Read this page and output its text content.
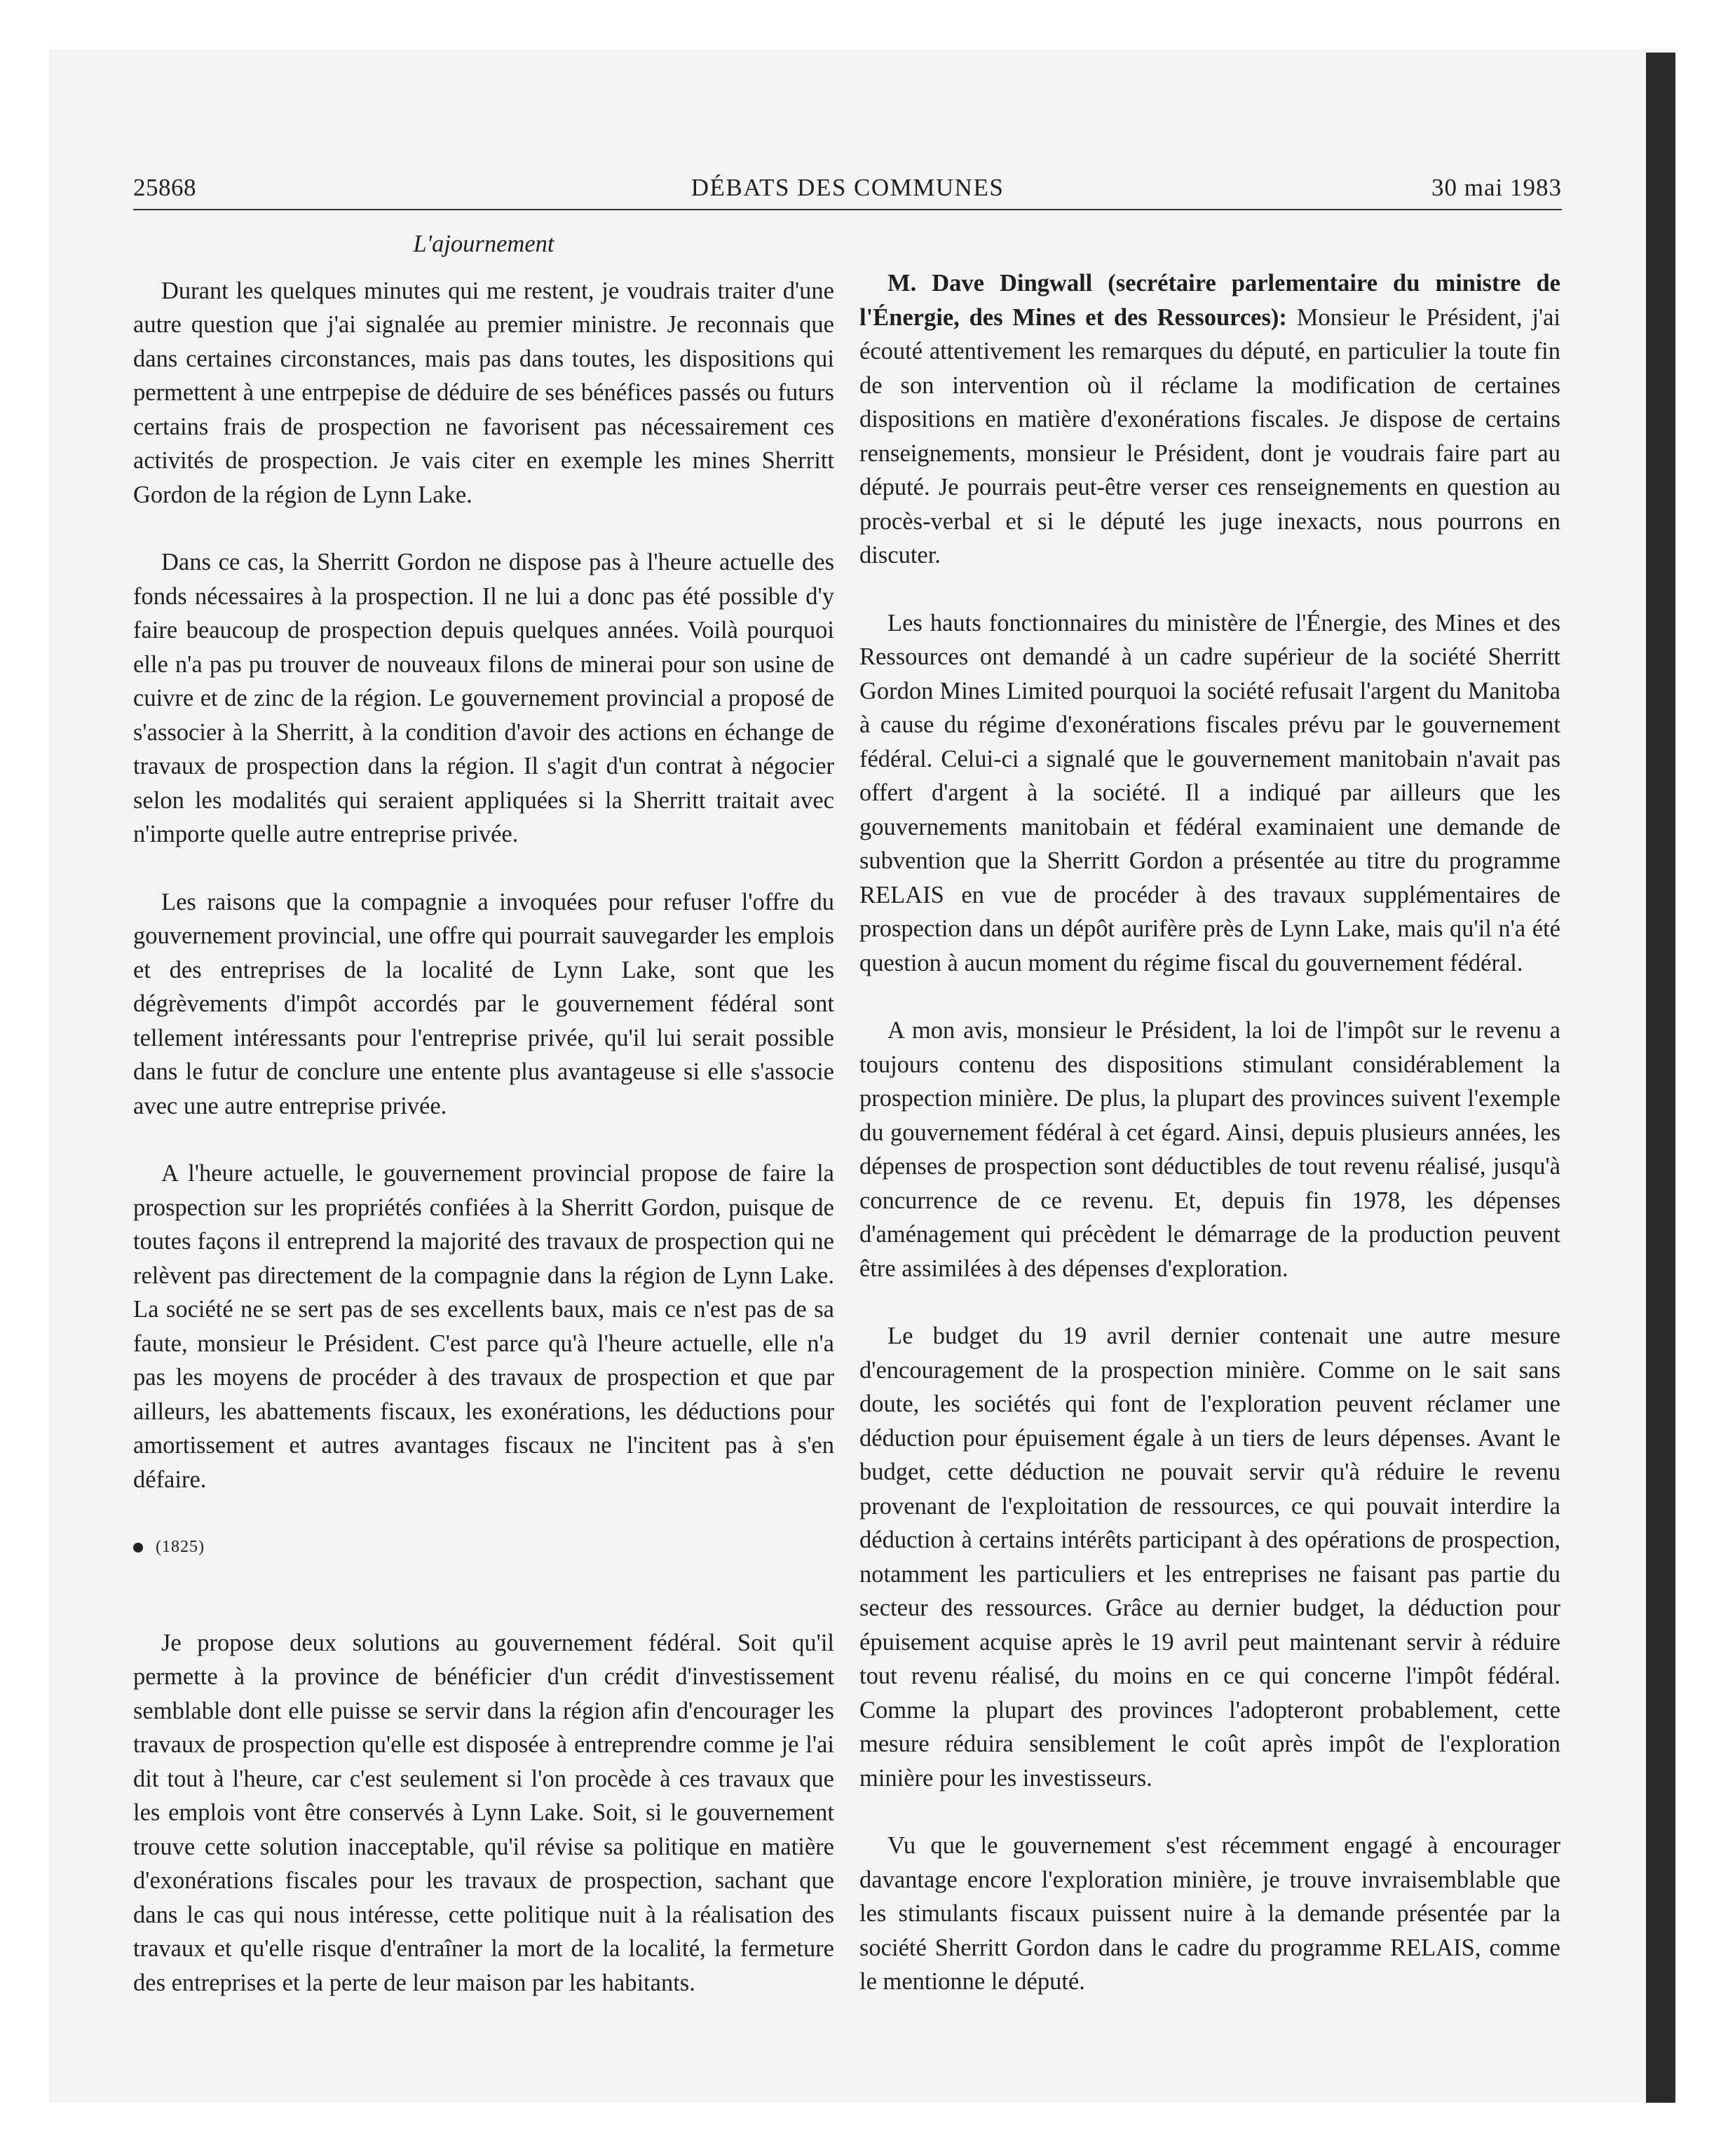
25868	DÉBATS DES COMMUNES	30 mai 1983
L'ajournement

Durant les quelques minutes qui me restent, je voudrais traiter d'une autre question que j'ai signalée au premier ministre. Je reconnais que dans certaines circonstances, mais pas dans toutes, les dispositions qui permettent à une entrpерise de déduire de ses bénéfices passés ou futurs certains frais de prospection ne favorisent pas nécessairement ces activités de prospection. Je vais citer en exemple les mines Sherritt Gordon de la région de Lynn Lake.

Dans ce cas, la Sherritt Gordon ne dispose pas à l'heure actuelle des fonds nécessaires à la prospection. Il ne lui a donc pas été possible d'y faire beaucoup de prospection depuis quelques années. Voilà pourquoi elle n'a pas pu trouver de nouveaux filons de minerai pour son usine de cuivre et de zinc de la région. Le gouvernement provincial a proposé de s'associer à la Sherritt, à la condition d'avoir des actions en échange de travaux de prospection dans la région. Il s'agit d'un contrat à négocier selon les modalités qui seraient appliquées si la Sherritt traitait avec n'importe quelle autre entreprise privée.

Les raisons que la compagnie a invoquées pour refuser l'offre du gouvernement provincial, une offre qui pourrait sauvegarder les emplois et des entreprises de la localité de Lynn Lake, sont que les dégrèvements d'impôt accordés par le gouvernement fédéral sont tellement intéressants pour l'entreprise privée, qu'il lui serait possible dans le futur de conclure une entente plus avantageuse si elle s'associe avec une autre entreprise privée.

A l'heure actuelle, le gouvernement provincial propose de faire la prospection sur les propriétés confiées à la Sherritt Gordon, puisque de toutes façons il entreprend la majorité des travaux de prospection qui ne relèvent pas directement de la compagnie dans la région de Lynn Lake. La société ne se sert pas de ses excellents baux, mais ce n'est pas de sa faute, monsieur le Président. C'est parce qu'à l'heure actuelle, elle n'a pas les moyens de procéder à des travaux de prospection et que par ailleurs, les abattements fiscaux, les exonérations, les déductions pour amortissement et autres avantages fiscaux ne l'incitent pas à s'en défaire.

(1825)

Je propose deux solutions au gouvernement fédéral. Soit qu'il permette à la province de bénéficier d'un crédit d'investissement semblable dont elle puisse se servir dans la région afin d'encourager les travaux de prospection qu'elle est disposée à entreprendre comme je l'ai dit tout à l'heure, car c'est seulement si l'on procède à ces travaux que les emplois vont être conservés à Lynn Lake. Soit, si le gouvernement trouve cette solution inacceptable, qu'il révise sa politique en matière d'exonérations fiscales pour les travaux de prospection, sachant que dans le cas qui nous intéresse, cette politique nuit à la réalisation des travaux et qu'elle risque d'entraîner la mort de la localité, la fermeture des entreprises et la perte de leur maison par les habitants.

M. Dave Dingwall (secrétaire parlementaire du ministre de l'Énergie, des Mines et des Ressources): Monsieur le Président, j'ai écouté attentivement les remarques du député, en particulier la toute fin de son intervention où il réclame la modification de certaines dispositions en matière d'exonérations fiscales. Je dispose de certains renseignements, monsieur le Président, dont je voudrais faire part au député. Je pourrais peut-être verser ces renseignements en question au procès-verbal et si le député les juge inexacts, nous pourrons en discuter.

Les hauts fonctionnaires du ministère de l'Énergie, des Mines et des Ressources ont demandé à un cadre supérieur de la société Sherritt Gordon Mines Limited pourquoi la société refusait l'argent du Manitoba à cause du régime d'exonérations fiscales prévu par le gouvernement fédéral. Celui-ci a signalé que le gouvernement manitobain n'avait pas offert d'argent à la société. Il a indiqué par ailleurs que les gouvernements manitobain et fédéral examinaient une demande de subvention que la Sherritt Gordon a présentée au titre du programme RELAIS en vue de procéder à des travaux supplémentaires de prospection dans un dépôt aurifère près de Lynn Lake, mais qu'il n'a été question à aucun moment du régime fiscal du gouvernement fédéral.

A mon avis, monsieur le Président, la loi de l'impôt sur le revenu a toujours contenu des dispositions stimulant considérablement la prospection minière. De plus, la plupart des provinces suivent l'exemple du gouvernement fédéral à cet égard. Ainsi, depuis plusieurs années, les dépenses de prospection sont déductibles de tout revenu réalisé, jusqu'à concurrence de ce revenu. Et, depuis fin 1978, les dépenses d'aménagement qui précèdent le démarrage de la production peuvent être assimilées à des dépenses d'exploration.

Le budget du 19 avril dernier contenait une autre mesure d'encouragement de la prospection minière. Comme on le sait sans doute, les sociétés qui font de l'exploration peuvent réclamer une déduction pour épuisement égale à un tiers de leurs dépenses. Avant le budget, cette déduction ne pouvait servir qu'à réduire le revenu provenant de l'exploitation de ressources, ce qui pouvait interdire la déduction à certains intérêts participant à des opérations de prospection, notamment les particuliers et les entreprises ne faisant pas partie du secteur des ressources. Grâce au dernier budget, la déduction pour épuisement acquise après le 19 avril peut maintenant servir à réduire tout revenu réalisé, du moins en ce qui concerne l'impôt fédéral. Comme la plupart des provinces l'adopteront probablement, cette mesure réduira sensiblement le coût après impôt de l'exploration minière pour les investisseurs.

Vu que le gouvernement s'est récemment engagé à encourager davantage encore l'exploration minière, je trouve invraisemblable que les stimulants fiscaux puissent nuire à la demande présentée par la société Sherritt Gordon dans le cadre du programme RELAIS, comme le mentionne le député.
